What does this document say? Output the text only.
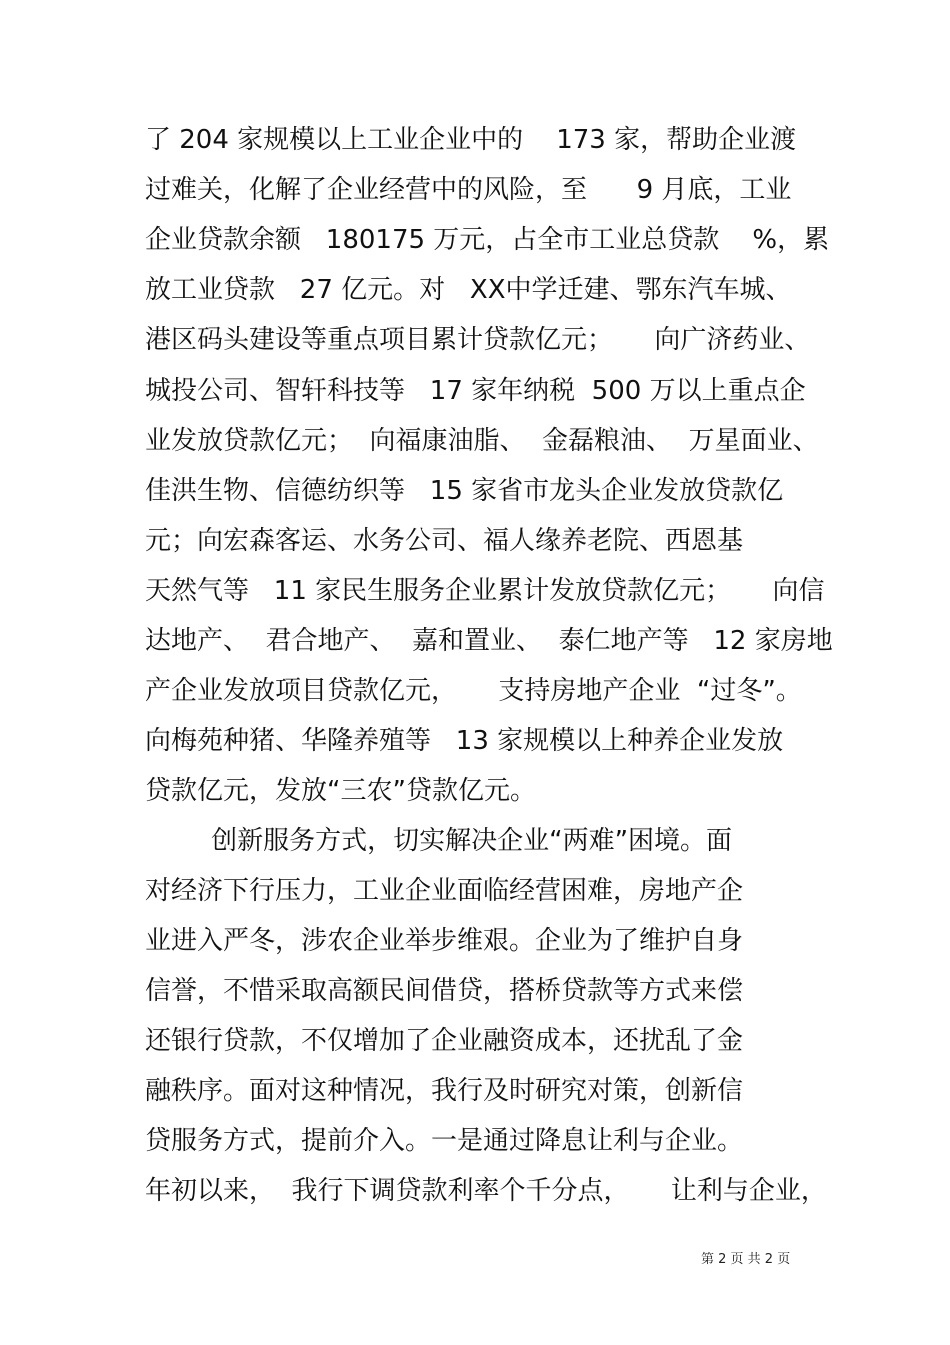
了 204 家规模以上工业企业中的    173 家，帮助企业渡
过难关，化解了企业经营中的风险，至      9 月底，工业
企业贷款余额   180175 万元，占全市工业总贷款    %，累
放工业贷款   27 亿元。对   XX中学迁建、鄂东汽车城、
港区码头建设等重点项目累计贷款亿元；     向广济药业、
城投公司、智轩科技等   17 家年纳税  500 万以上重点企
业发放贷款亿元；  向福康油脂、  金磊粮油、  万星面业、
佳洪生物、信德纺织等   15 家省市龙头企业发放贷款亿
元；向宏森客运、水务公司、福人缘养老院、西恩基
天然气等   11 家民生服务企业累计发放贷款亿元；     向信
达地产、  君合地产、  嘉和置业、  泰仁地产等   12 家房地
产企业发放项目贷款亿元，     支持房地产企业  “过冬”。
向梅苑种猪、华隆养殖等   13 家规模以上种养企业发放
贷款亿元，发放“三农”贷款亿元。
创新服务方式，切实解决企业“两难”困境。面
对经济下行压力，工业企业面临经营困难，房地产企
业进入严冬，涉农企业举步维艰。企业为了维护自身
信誉，不惜采取高额民间借贷，搭桥贷款等方式来偿
还银行贷款，不仅增加了企业融资成本，还扰乱了金
融秩序。面对这种情况，我行及时研究对策，创新信
贷服务方式，提前介入。一是通过降息让利与企业。
年初以来，  我行下调贷款利率个千分点，     让利与企业，
第 2 页 共 2 页
